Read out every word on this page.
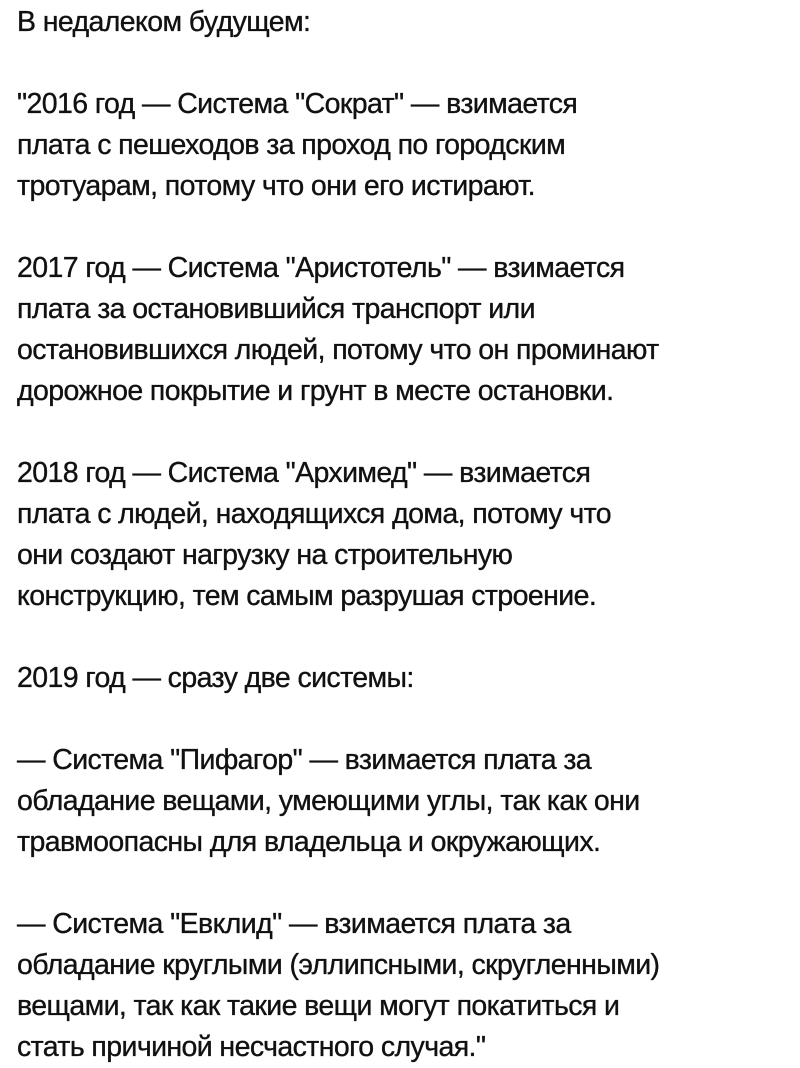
В недалеком будущем:
"2016 год — Система "Сократ" — взимается
плата с пешеходов за проход по городским
тротуарам, потому что они его истирают.
2017 год — Система "Аристотель" — взимается
плата за остановившийся транспорт или
остановившихся людей, потому что он проминают
дорожное покрытие и грунт в месте остановки.
2018 год — Система "Архимед" — взимается
плата с людей, находящихся дома, потому что
они создают нагрузку на строительную
конструкцию, тем самым разрушая строение.
2019 год — сразу две системы:
— Система "Пифагор" — взимается плата за
обладание вещами, умеющими углы, так как они
травмоопасны для владельца и окружающих.
— Система "Евклид" — взимается плата за
обладание круглыми (эллипсными, скругленными)
вещами, так как такие вещи могут покатиться и
стать причиной несчастного случая."
